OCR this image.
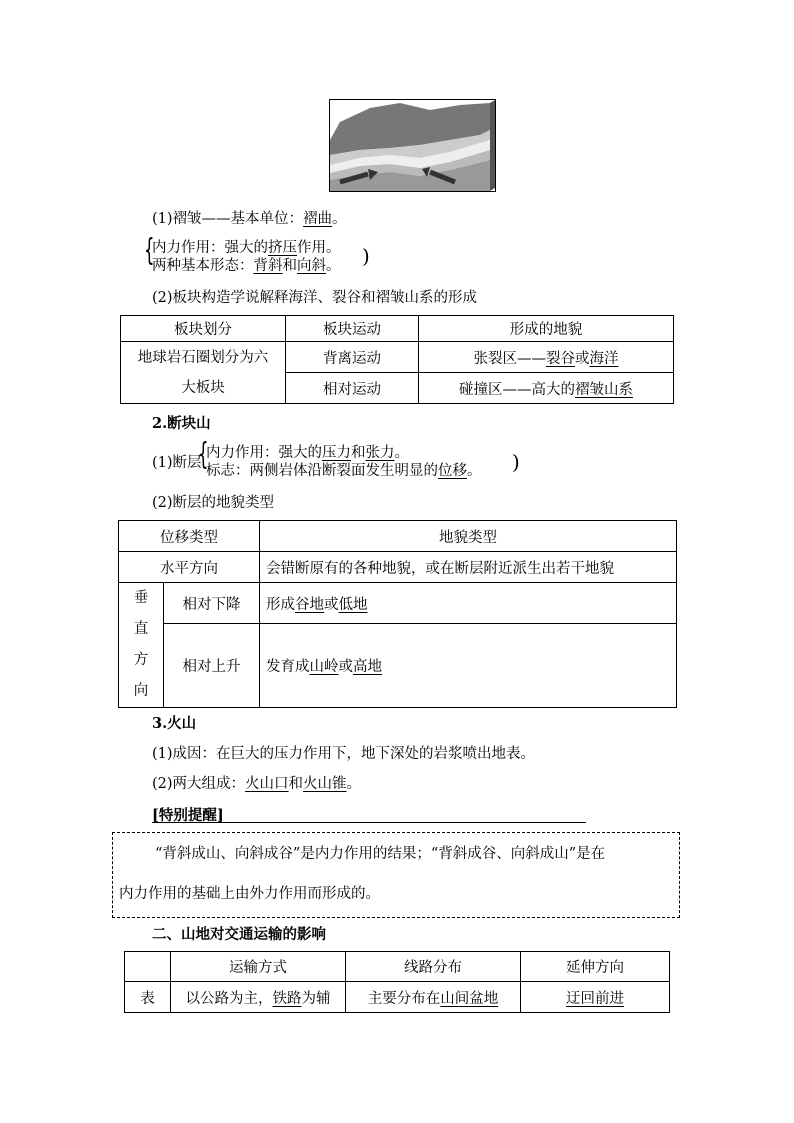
(1)褶皱——基本单位：褶曲。
{
内力作用：强大的挤压作用。
两种基本形态：背斜和向斜。 )
(2)板块构造学说解释海洋、裂谷和褶皱山系的形成
板块划分	板块运动	形成的地貌
地球岩石圈划分为六大板块	背离运动	张裂区——裂谷或海洋
	相对运动	碰撞区——高大的褶皱山系
2.断块山
(1)断层
{
内力作用：强大的压力和张力。
标志：两侧岩体沿断裂面发生明显的位移。 )
(2)断层的地貌类型
位移类型		地貌类型
水平方向		会错断原有的各种地貌，或在断层附近派生出若干地貌
垂
直
方
向	相对下降	形成谷地或低地
	相对上升	发育成山岭或高地
3.火山
(1)成因：在巨大的压力作用下，地下深处的岩浆喷出地表。
(2)两大组成：火山口和火山锥。
[特别提醒]
“背斜成山、向斜成谷”是内力作用的结果；“背斜成谷、向斜成山”是在
内力作用的基础上由外力作用而形成的。
二、山地对交通运输的影响
	运输方式	线路分布	延伸方向
表	以公路为主，铁路为辅	主要分布在山间盆地	迂回前进
